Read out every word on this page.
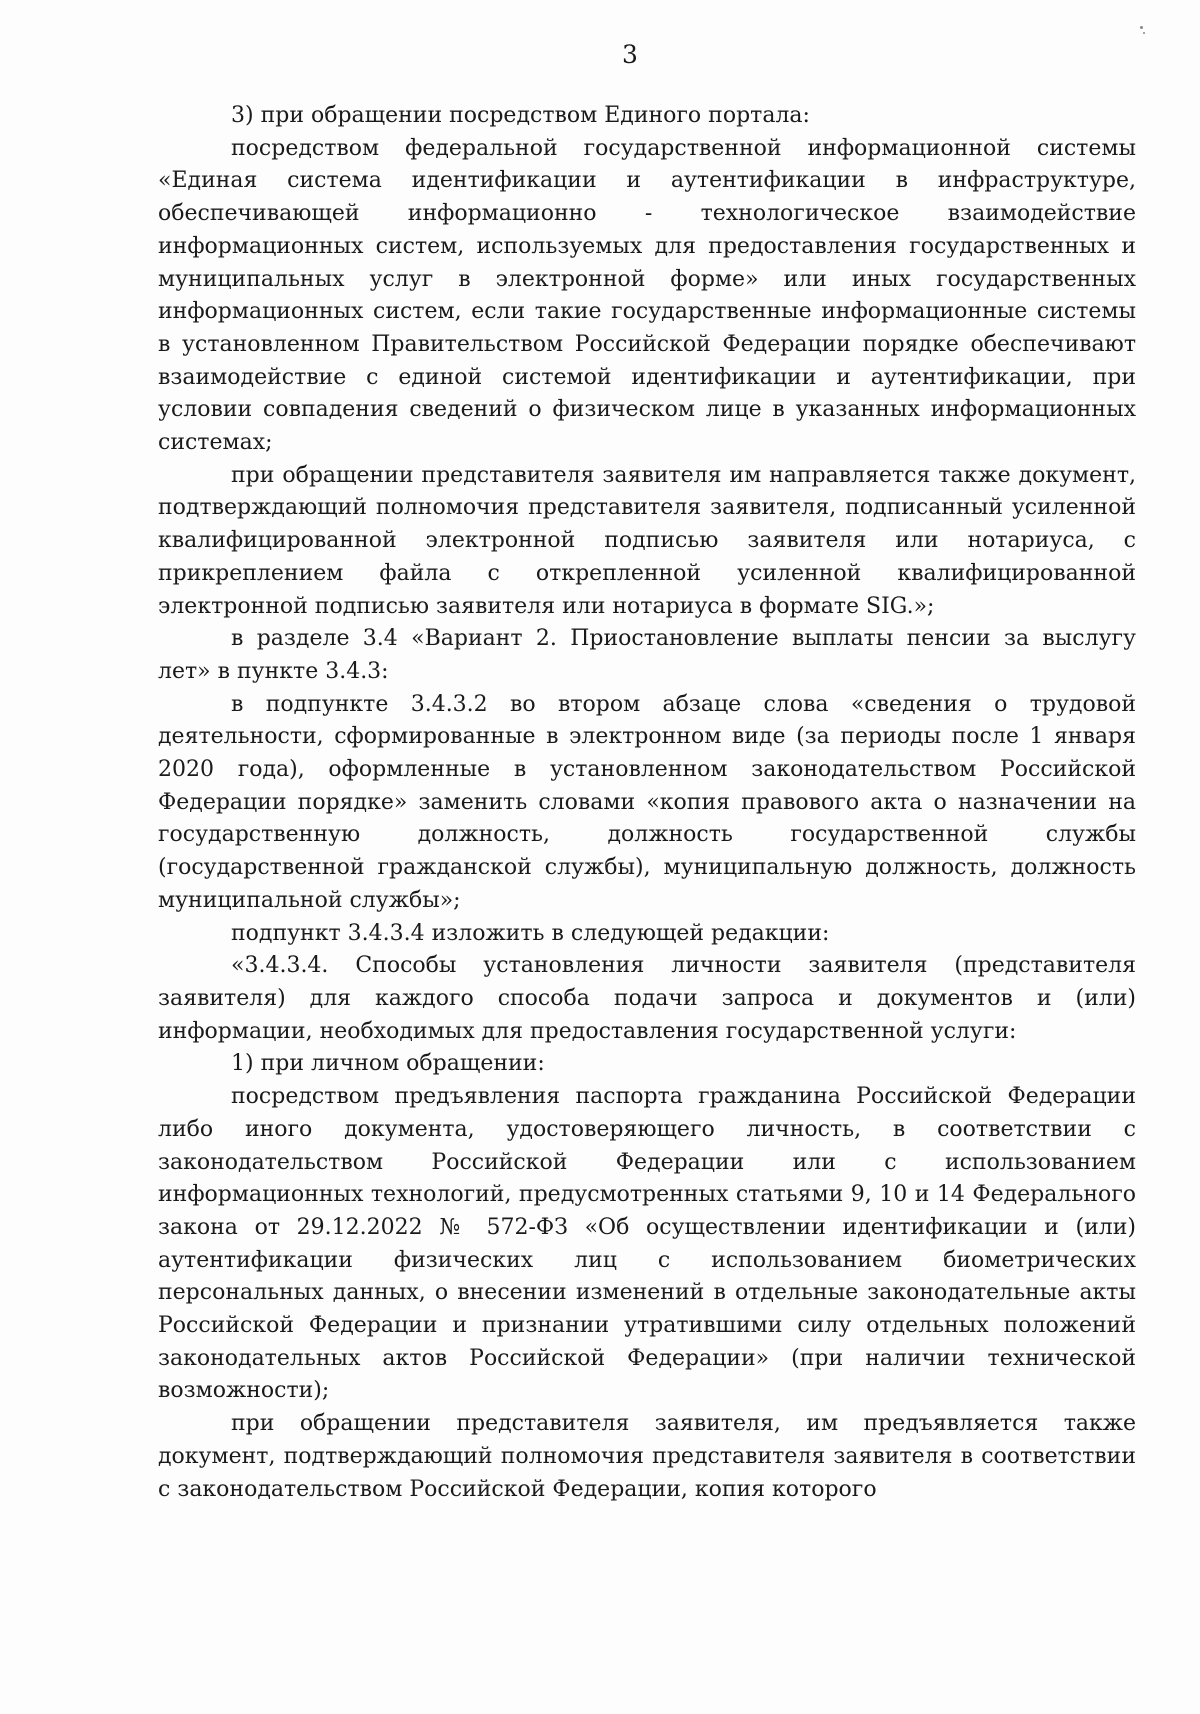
3

3) при обращении посредством Единого портала:

посредством федеральной государственной информационной системы «Единая система идентификации и аутентификации в инфраструктуре, обеспечивающей информационно - технологическое взаимодействие информационных систем, используемых для предоставления государственных и муниципальных услуг в электронной форме» или иных государственных информационных систем, если такие государственные информационные системы в установленном Правительством Российской Федерации порядке обеспечивают взаимодействие с единой системой идентификации и аутентификации, при условии совпадения сведений о физическом лице в указанных информационных системах;

при обращении представителя заявителя им направляется также документ, подтверждающий полномочия представителя заявителя, подписанный усиленной квалифицированной электронной подписью заявителя или нотариуса, с прикреплением файла с открепленной усиленной квалифицированной электронной подписью заявителя или нотариуса в формате SIG.»;

в разделе 3.4 «Вариант 2. Приостановление выплаты пенсии за выслугу лет» в пункте 3.4.3:

в подпункте 3.4.3.2 во втором абзаце слова «сведения о трудовой деятельности, сформированные в электронном виде (за периоды после 1 января 2020 года), оформленные в установленном законодательством Российской Федерации порядке» заменить словами «копия правового акта о назначении на государственную должность, должность государственной службы (государственной гражданской службы), муниципальную должность, должность муниципальной службы»;

подпункт 3.4.3.4 изложить в следующей редакции:

«3.4.3.4. Способы установления личности заявителя (представителя заявителя) для каждого способа подачи запроса и документов и (или) информации, необходимых для предоставления государственной услуги:

1) при личном обращении:

посредством предъявления паспорта гражданина Российской Федерации либо иного документа, удостоверяющего личность, в соответствии с законодательством Российской Федерации или с использованием информационных технологий, предусмотренных статьями 9, 10 и 14 Федерального закона от 29.12.2022 № 572-ФЗ «Об осуществлении идентификации и (или) аутентификации физических лиц с использованием биометрических персональных данных, о внесении изменений в отдельные законодательные акты Российской Федерации и признании утратившими силу отдельных положений законодательных актов Российской Федерации» (при наличии технической возможности);

при обращении представителя заявителя, им предъявляется также документ, подтверждающий полномочия представителя заявителя в соответствии с законодательством Российской Федерации, копия которого
